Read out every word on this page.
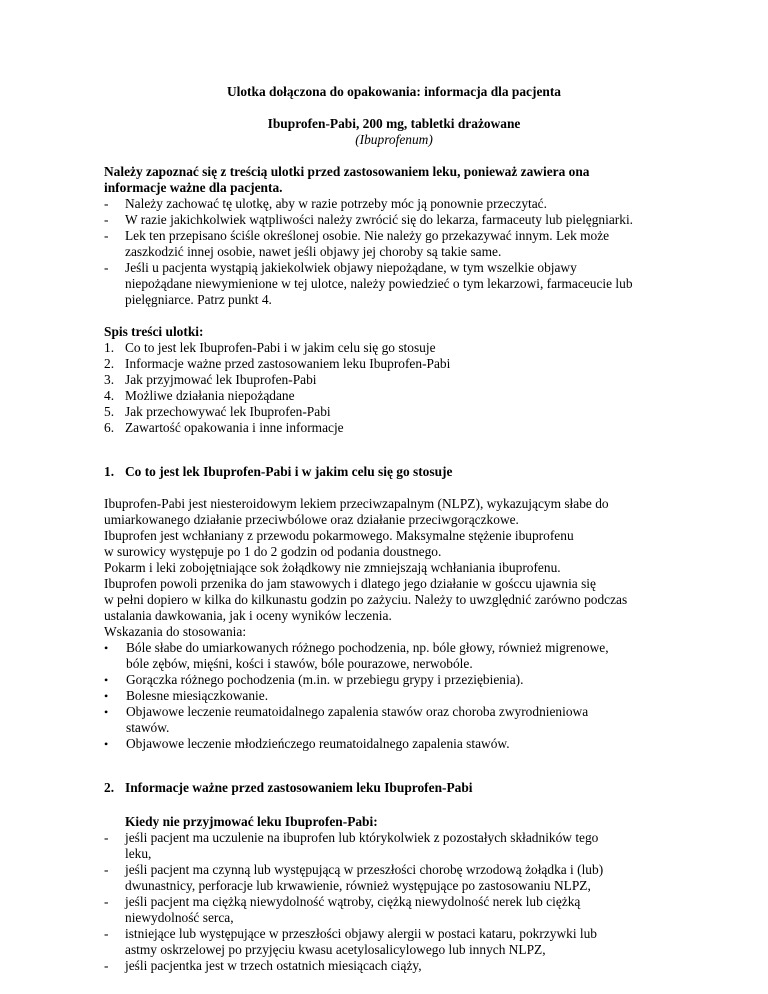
Ulotka dołączona do opakowania: informacja dla pacjenta

Ibuprofen-Pabi, 200 mg, tabletki drażowane

(Ibuprofenum)

Należy zapoznać się z treścią ulotki przed zastosowaniem leku, ponieważ zawiera ona

informacje ważne dla pacjenta.

- Należy zachować tę ulotkę, aby w razie potrzeby móc ją ponownie przeczytać.
- W razie jakichkolwiek wątpliwości należy zwrócić się do lekarza, farmaceuty lub pielęgniarki.
- Lek ten przepisano ściśle określonej osobie. Nie należy go przekazywać innym. Lek może
zaszkodzić innej osobie, nawet jeśli objawy jej choroby są takie same.
- Jeśli u pacjenta wystąpią jakiekolwiek objawy niepożądane, w tym wszelkie objawy
niepożądane niewymienione w tej ulotce, należy powiedzieć o tym lekarzowi, farmaceucie lub
pielęgniarce. Patrz punkt 4.

Spis treści ulotki:

1. Co to jest lek Ibuprofen-Pabi i w jakim celu się go stosuje
2. Informacje ważne przed zastosowaniem leku Ibuprofen-Pabi
3. Jak przyjmować lek Ibuprofen-Pabi
4. Możliwe działania niepożądane
5. Jak przechowywać lek Ibuprofen-Pabi
6. Zawartość opakowania i inne informacje
1. Co to jest lek Ibuprofen-Pabi i w jakim celu się go stosuje
Ibuprofen-Pabi jest niesteroidowym lekiem przeciwzapalnym (NLPZ), wykazującym słabe do
umiarkowanego działanie przeciwbólowe oraz działanie przeciwgorączkowe.
Ibuprofen jest wchłaniany z przewodu pokarmowego. Maksymalne stężenie ibuprofenu
w surowicy występuje po 1 do 2 godzin od podania doustnego.
Pokarm i leki zobojętniające sok żołądkowy nie zmniejszają wchłaniania ibuprofenu.
Ibuprofen powoli przenika do jam stawowych i dlatego jego działanie w gośccu ujawnia się
w pełni dopiero w kilka do kilkunastu godzin po zażyciu. Należy to uwzględnić zarówno podczas
ustalania dawkowania, jak i oceny wyników leczenia.
Wskazania do stosowania:
• Bóle słabe do umiarkowanych różnego pochodzenia, np. bóle głowy, również migrenowe,
bóle zębów, mięśni, kości i stawów, bóle pourazowe, nerwobóle.
• Gorączka różnego pochodzenia (m.in. w przebiegu grypy i przeziębienia).
• Bolesne miesiączkowanie.
• Objawowe leczenie reumatoidalnego zapalenia stawów oraz choroba zwyrodnieniowa
stawów.
• Objawowe leczenie młodzieńczego reumatoidalnego zapalenia stawów.
2. Informacje ważne przed zastosowaniem leku Ibuprofen-Pabi

Kiedy nie przyjmować leku Ibuprofen-Pabi:

- jeśli pacjent ma uczulenie na ibuprofen lub którykolwiek z pozostałych składników tego
leku,
- jeśli pacjent ma czynną lub występującą w przeszłości chorobę wrzodową żołądka i (lub)
dwunastnicy, perforacje lub krwawienie, również występujące po zastosowaniu NLPZ,
- jeśli pacjent ma ciężką niewydolność wątroby, ciężką niewydolność nerek lub ciężką
niewydolność serca,
- istniejące lub występujące w przeszłości objawy alergii w postaci kataru, pokrzywki lub
astmy oskrzelowej po przyjęciu kwasu acetylosalicylowego lub innych NLPZ,
- jeśli pacjentka jest w trzech ostatnich miesiącach ciąży,
